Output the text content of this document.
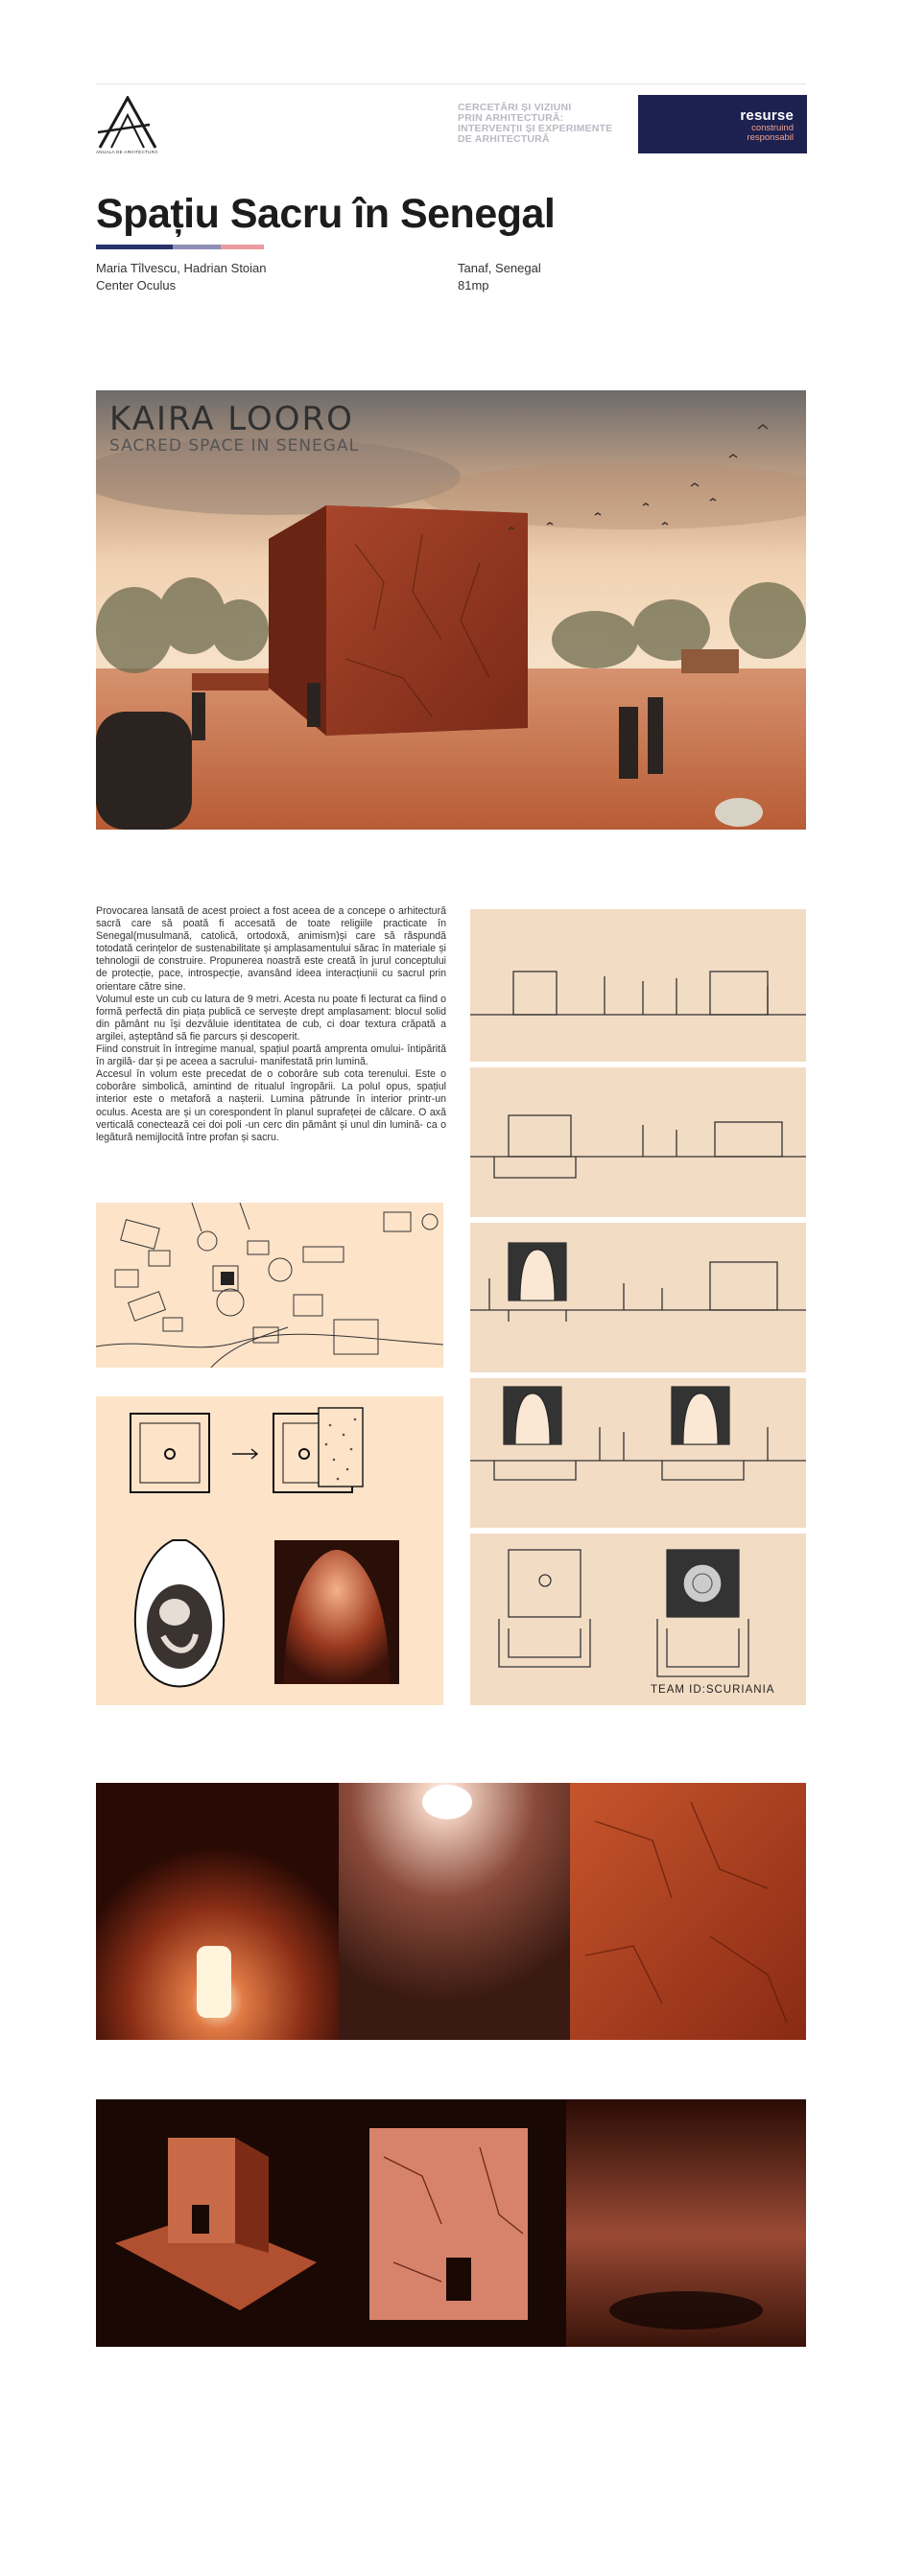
ANUALA DE ARHITECTURĂ
CERCETĂRI ȘI VIZIUNI
PRIN ARHITECTURĂ:
INTERVENȚII ȘI EXPERIMENTE
DE ARHITECTURĂ
resurse
construind
responsabil
Spațiu Sacru în Senegal
Maria Tîlvescu, Hadrian Stoian
Center Oculus
Tanaf, Senegal
81mp
KAIRA LOORO
SACRED SPACE IN SENEGAL

Provocarea lansată de acest proiect a fost aceea de a concepe o arhitectură sacră care să poată fi accesată de toate religiile practicate în Senegal(musulmană, catolică, ortodoxă, animism)și care să răspundă totodată cerințelor de sustenabilitate și amplasamentului sărac în materiale și tehnologii de construire. Propunerea noastră este creată în jurul conceptului de protecție, pace, introspecție, avansând ideea interacțiunii cu sacrul prin orientare către sine.

Volumul este un cub cu latura de 9 metri. Acesta nu poate fi lecturat ca fiind o formă perfectă din piața publică ce servește drept amplasament: blocul solid din pământ nu își dezvăluie identitatea de cub, ci doar textura crăpată a argilei, așteptând să fie parcurs și descoperit.

Fiind construit în întregime manual, spațiul poartă amprenta omului- întipărită în argilă- dar și pe aceea a sacrului- manifestată prin lumină.

Accesul în volum este precedat de o coborâre sub cota terenului. Este o coborâre simbolică, amintind de ritualul îngropării. La polul opus, spațiul interior este o metaforă a nașterii. Lumina pătrunde în interior printr-un oculus. Acesta are și un corespondent în planul suprafeței de călcare. O axă verticală conectează cei doi poli -un cerc din pământ și unul din lumină- ca o legătură nemijlocită între profan și sacru.

TEAM ID:SCURIANIA
